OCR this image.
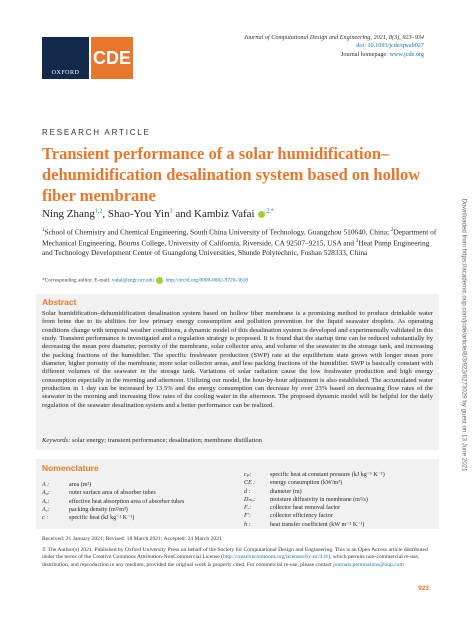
OXFORD
CDE
Journal of Computational Design and Engineering, 2021, 8(3), 923–934
doi: 10.1093/jcde/qwab027
Journal homepage: www.jcde.org
RESEARCH ARTICLE
Transient performance of a solar humidification–dehumidification desalination system based on hollow fiber membrane
Ning Zhang$^{1,2}$, Shao-You Yin$^3$ and Kambiz Vafai $^{2,*}$
$^1$School of Chemistry and Chemical Engineering, South China University of Technology, Guangzhou 510640, China; $^2$Department of Mechanical Engineering, Bourns College, University of California, Riverside, CA 92507–9215, USA and $^3$Heat Pump Engineering and Technology Development Center of Guangdong Universities, Shunde Polytechnic, Foshan 528333, China
*Corresponding author. E-mail: vafai@engr.ucr.edu http://orcid.org/0000-0002-9720-3618
Abstract

Solar humidification–dehumidification desalination system based on hollow fiber membrane is a promising method to produce drinkable water from brine due to its abilities for low primary energy consumption and pollution prevention for the liquid seawater droplets. As operating conditions change with temporal weather conditions, a dynamic model of this desalination system is developed and experimentally validated in this study. Transient performance is investigated and a regulation strategy is proposed. It is found that the startup time can be reduced substantially by decreasing the mean pore diameter, porosity of the membrane, solar collector area, and volume of the seawater in the storage tank, and increasing the packing fractions of the humidifier. The specific freshwater production (SWP) rate at the equilibrium state grows with longer mean pore diameter, higher porosity of the membrane, more solar collector areas, and less packing fractions of the humidifier. SWP is basically constant with different volumes of the seawater in the storage tank. Variations of solar radiation cause the low freshwater production and high energy consumption especially in the morning and afternoon. Utilizing our model, the hour-by-hour adjustment is also established. The accumulated water production in 1 day can be increased by 13.5% and the energy consumption can decrease by over 23% based on decreasing flow rates of the seawater in the morning and increasing flow rates of the cooling water in the afternoon. The proposed dynamic model will be helpful for the daily regulation of the seawater desalination system and a better performance can be realized.

Keywords: solar energy; transient performance; desalination; membrane distillation
Nomenclature
A :	area (m²)
A₀:	outer surface area of absorber tubes
Aₑ:	effective heat absorption area of absorber tubes
A꜀:	packing density (m²/m³)
c :	specific heat (kJ kg⁻¹ K⁻¹)
cₚ:	specific heat at constant pressure (kJ kg⁻¹ K⁻¹)
CE :	energy consumption (kW/m³)
d :	diameter (m)
Dₘₑ:	moisture diffusivity in membrane (m²/s)
Fᵣ:	collector heat removal factor
F′:	collector efficiency factor
h :	heat transfer coefficient (kW m⁻² K⁻¹)
Received: 21 January 2021; Revised: 18 March 2021; Accepted: 24 March 2021

© The Author(s) 2021. Published by Oxford University Press on behalf of the Society for Computational Design and Engineering. This is an Open Access article distributed under the terms of the Creative Commons Attribution-NonCommercial License (http://creativecommons.org/licenses/by-nc/4.0/), which permits non-commercial re-use, distribution, and reproduction in any medium, provided the original work is properly cited. For commercial re-use, please contact journals.permissions@oup.com

923
Downloaded from https://academic.oup.com/jcde/article/8/3/923/6273029 by guest on 13 June 2021
